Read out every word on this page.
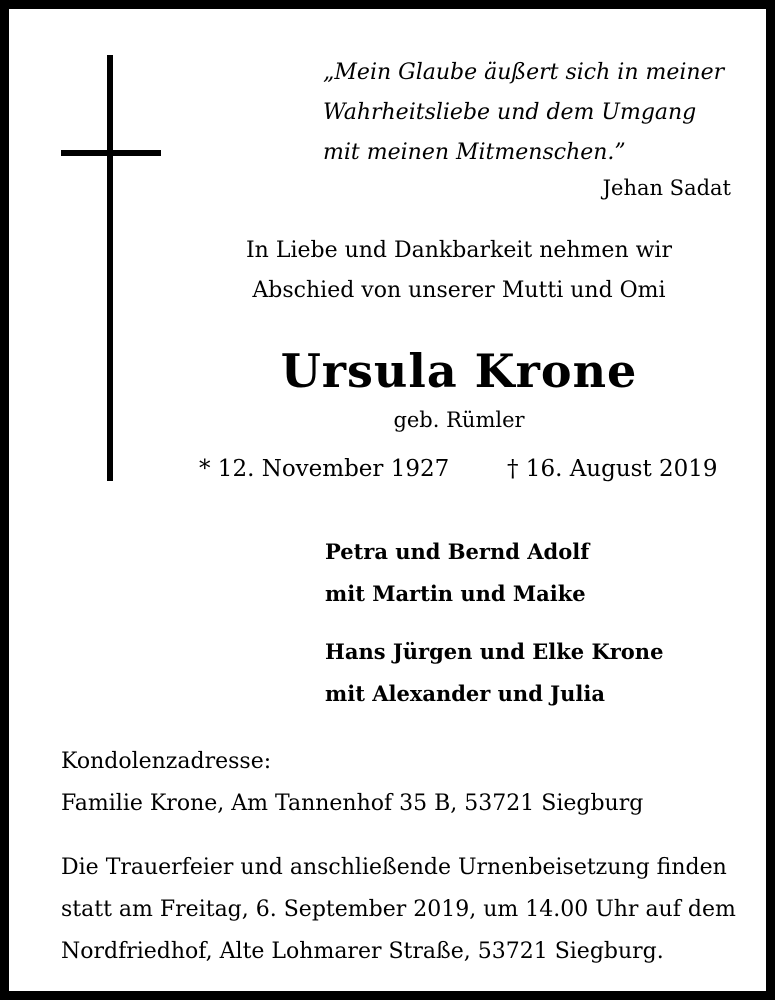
„Mein Glaube äußert sich in meiner
Wahrheitsliebe und dem Umgang
mit meinen Mitmenschen.”
Jehan Sadat
In Liebe und Dankbarkeit nehmen wir
Abschied von unserer Mutti und Omi
Ursula Krone
geb. Rümler
* 12. November 1927	† 16. August 2019
Petra und Bernd Adolf
mit Martin und Maike
Hans Jürgen und Elke Krone
mit Alexander und Julia
Kondolenzadresse:
Familie Krone, Am Tannenhof 35 B, 53721 Siegburg
Die Trauerfeier und anschließende Urnenbeisetzung finden
statt am Freitag, 6. September 2019, um 14.00 Uhr auf dem
Nordfriedhof, Alte Lohmarer Straße, 53721 Siegburg.
